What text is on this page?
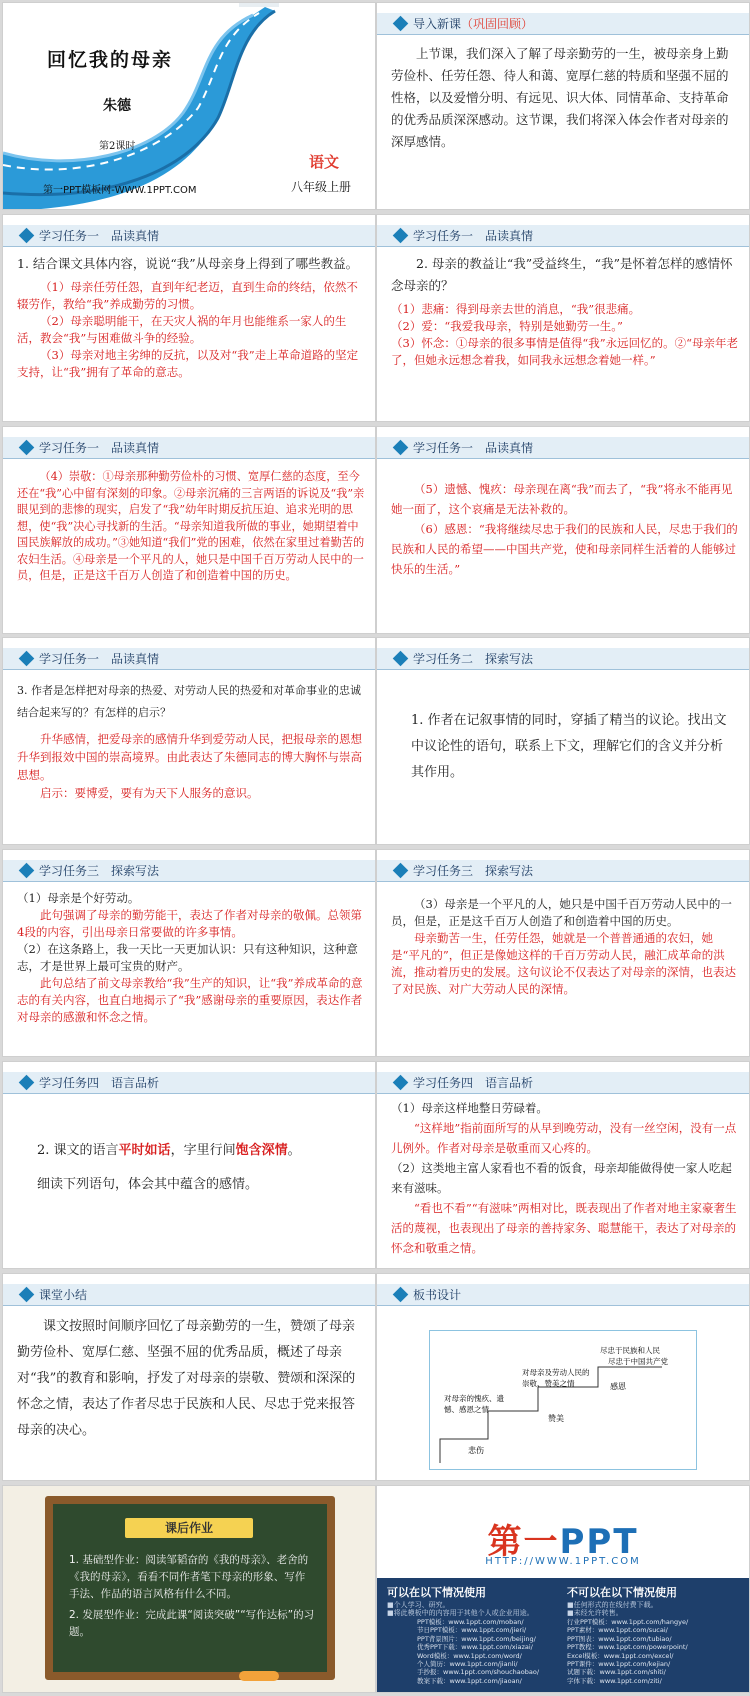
回忆我的母亲
朱德
第2课时
第一PPT模板网-WWW.1PPT.COM
语文
八年级上册
导入新课（巩固回顾）

上节课，我们深入了解了母亲勤劳的一生，被母亲身上勤劳俭朴、任劳任怨、待人和蔼、宽厚仁慈的特质和坚强不屈的性格，以及爱憎分明、有远见、识大体、同情革命、支持革命的优秀品质深深感动。这节课，我们将深入体会作者对母亲的深厚感情。

学习任务一　品读真情

1. 结合课文具体内容，说说“我”从母亲身上得到了哪些教益。

（1）母亲任劳任怨，直到年纪老迈，直到生命的终结，依然不辍劳作，教给“我”养成勤劳的习惯。

（2）母亲聪明能干，在天灾人祸的年月也能维系一家人的生活，教会“我”与困难做斗争的经验。

（3）母亲对地主劣绅的反抗，以及对“我”走上革命道路的坚定支持，让“我”拥有了革命的意志。

学习任务一　品读真情

2. 母亲的教益让“我”受益终生，“我”是怀着怎样的感情怀念母亲的？

（1）悲痛：得到母亲去世的消息，“我”很悲痛。

（2）爱：“我爱我母亲，特别是她勤劳一生。”

（3）怀念：①母亲的很多事情是值得“我”永远回忆的。②“母亲年老了，但她永远想念着我，如同我永远想念着她一样。”

学习任务一　品读真情

（4）崇敬：①母亲那种勤劳俭朴的习惯、宽厚仁慈的态度，至今还在“我”心中留有深刻的印象。②母亲沉痛的三言两语的诉说及“我”亲眼见到的悲惨的现实，启发了“我”幼年时期反抗压迫、追求光明的思想，使“我”决心寻找新的生活。“母亲知道我所做的事业，她期望着中国民族解放的成功。”③她知道“我们”党的困难，依然在家里过着勤苦的农妇生活。④母亲是一个平凡的人，她只是中国千百万劳动人民中的一员，但是，正是这千百万人创造了和创造着中国的历史。

学习任务一　品读真情

（5）遗憾、愧疚：母亲现在离“我”而去了，“我”将永不能再见她一面了，这个哀痛是无法补救的。

（6）感恩：“我将继续尽忠于我们的民族和人民，尽忠于我们的民族和人民的希望——中国共产党，使和母亲同样生活着的人能够过快乐的生活。”

学习任务一　品读真情

3. 作者是怎样把对母亲的热爱、对劳动人民的热爱和对革命事业的忠诚结合起来写的？有怎样的启示？

升华感情，把爱母亲的感情升华到爱劳动人民，把报母亲的恩想升华到报效中国的崇高境界。由此表达了朱德同志的博大胸怀与崇高思想。

启示：要博爱，要有为天下人服务的意识。

学习任务二　探索写法

1. 作者在记叙事情的同时，穿插了精当的议论。找出文中议论性的语句，联系上下文，理解它们的含义并分析其作用。

学习任务三　探索写法

（1）母亲是个好劳动。

此句强调了母亲的勤劳能干，表达了作者对母亲的敬佩。总领第4段的内容，引出母亲日常要做的许多事情。

（2）在这条路上，我一天比一天更加认识：只有这种知识，这种意志，才是世界上最可宝贵的财产。

此句总结了前文母亲教给“我”生产的知识，让“我”养成革命的意志的有关内容，也直白地揭示了“我”感谢母亲的重要原因，表达作者对母亲的感激和怀念之情。

学习任务三　探索写法

（3）母亲是一个平凡的人，她只是中国千百万劳动人民中的一员，但是，正是这千百万人创造了和创造着中国的历史。

母亲勤苦一生，任劳任怨，她就是一个普普通通的农妇，她是“平凡的”，但正是像她这样的千百万劳动人民，融汇成革命的洪流，推动着历史的发展。这句议论不仅表达了对母亲的深情，也表达了对民族、对广大劳动人民的深情。

学习任务四　语言品析

2. 课文的语言平时如话，字里行间饱含深情。

细读下列语句，体会其中蕴含的感情。

学习任务四　语言品析

（1）母亲这样地整日劳碌着。

“这样地”指前面所写的从早到晚劳动，没有一丝空闲，没有一点儿例外。作者对母亲是敬重而又心疼的。

（2）这类地主富人家看也不看的饭食，母亲却能做得使一家人吃起来有滋味。

“看也不看”“有滋味”两相对比，既表现出了作者对地主家豪奢生活的蔑视，也表现出了母亲的善持家务、聪慧能干，表达了对母亲的怀念和敬重之情。

课堂小结

课文按照时间顺序回忆了母亲勤劳的一生，赞颂了母亲勤劳俭朴、宽厚仁慈、坚强不屈的优秀品质，概述了母亲对“我”的教育和影响，抒发了对母亲的崇敬、赞颂和深深的怀念之情，表达了作者尽忠于民族和人民、尽忠于党来报答母亲的决心。

板书设计
对母亲的愧疚、遗憾、感恩之情
悲伤
对母亲及劳动人民的崇敬、赞美之情
赞美
尽忠于民族和人民
尽忠于中国共产党
感恩
课后作业

1. 基础型作业：阅读邹韬奋的《我的母亲》、老舍的《我的母亲》，看看不同作者笔下母亲的形象、写作手法、作品的语言风格有什么不同。

2. 发展型作业：完成此课“阅读突破”“写作达标”的习题。

第一PPT
HTTP://WWW.1PPT.COM
可以在以下情况使用
■个人学习、研究。
■将此模板中的内容用于其他个人或企业用途。
不可以在以下情况使用
■任何形式的在线付费下载。
■未经允许转售。
PPT模板：www.1ppt.com/moban/
节日PPT模板：www.1ppt.com/jieri/
PPT背景图片：www.1ppt.com/beijing/
优秀PPT下载：www.1ppt.com/xiazai/
Word模板：www.1ppt.com/word/
个人简历：www.1ppt.com/jianli/
手抄报：www.1ppt.com/shouchaobao/
教案下载：www.1ppt.com/jiaoan/
行业PPT模板：www.1ppt.com/hangye/
PPT素材：www.1ppt.com/sucai/
PPT图表：www.1ppt.com/tubiao/
PPT教程：www.1ppt.com/powerpoint/
Excel模板：www.1ppt.com/excel/
PPT课件：www.1ppt.com/kejian/
试题下载：www.1ppt.com/shiti/
字体下载：www.1ppt.com/ziti/
